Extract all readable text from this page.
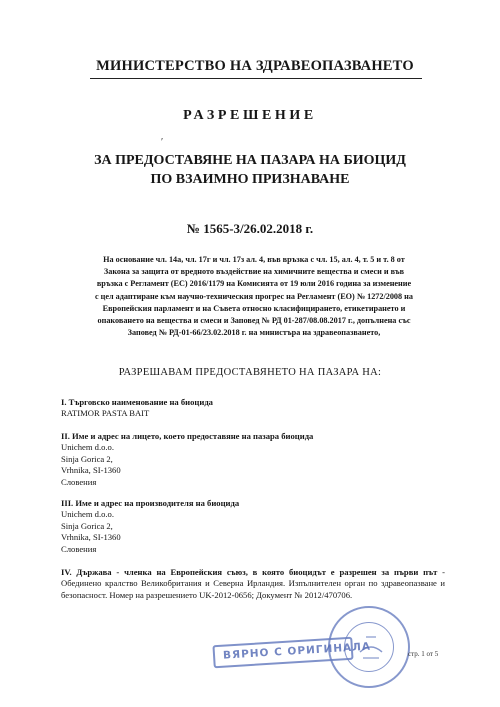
МИНИСТЕРСТВО НА ЗДРАВЕОПАЗВАНЕТО
РАЗРЕШЕНИЕ
ʹ
ЗА ПРЕДОСТАВЯНЕ НА ПАЗАРА НА БИОЦИД
ПО ВЗАИМНО ПРИЗНАВАНЕ
№ 1565-3/26.02.2018 г.
На основание чл. 14а, чл. 17г и чл. 17з ал. 4, във връзка с чл. 15, ал. 4, т. 5 и т. 8 от
Закона за защита от вредното въздействие на химичните вещества и смеси и във
връзка с Регламент (ЕС) 2016/1179 на Комисията от 19 юли 2016 година за изменение
с цел адаптиране към научно-техническия прогрес на Регламент (ЕО) № 1272/2008 на
Европейския парламент и на Съвета относно класифицирането, етикетирането и
опаковането на вещества и смеси и Заповед № РД 01-287/08.08.2017 г., допълнена със
Заповед № РД-01-66/23.02.2018 г. на министъра на здравеопазването,
РАЗРЕШАВАМ ПРЕДОСТАВЯНЕТО НА ПАЗАРА НА:
I. Търговско наименование на биоцида
RATIMOR PASTA BAIT
II. Име и адрес на лицето, което предоставяне на пазара биоцида
Unichem d.o.o.
Sinja Gorica 2,
Vrhnika, SI-1360
Словения
III. Име и адрес на производителя на биоцида
Unichem d.o.o.
Sinja Gorica 2,
Vrhnika, SI-1360
Словения
IV. Държава - членка на Европейския съюз, в която биоцидът е разрешен за първи път - Обединено кралство Великобритания и Северна Ирландия. Изпълнителен орган по здравеопазване и безопасност. Номер на разрешението UK-2012-0656; Документ № 2012/470706.
ВЯРНО С ОРИГИНАЛА	стр. 1 от 5
